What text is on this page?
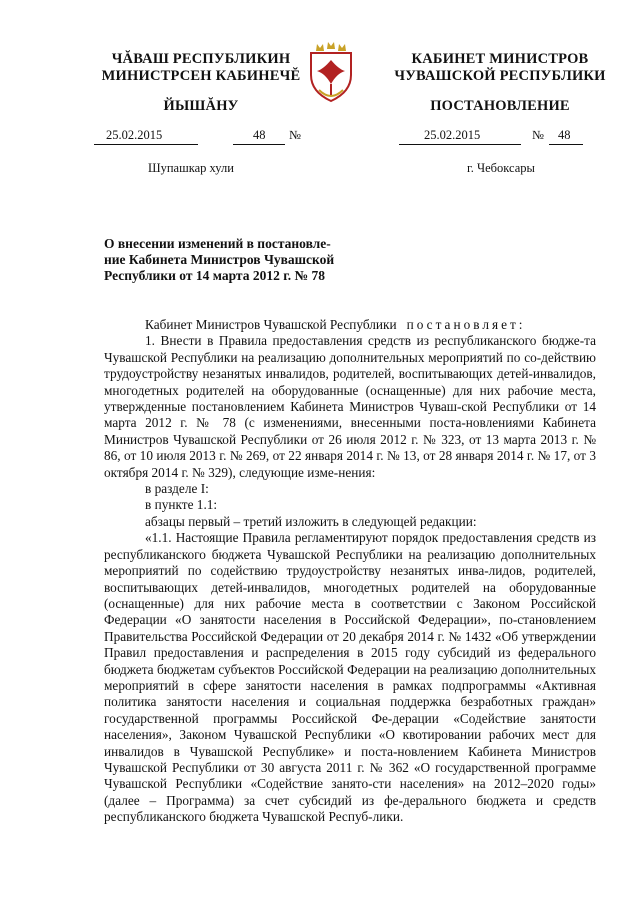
ЧĂВАШ РЕСПУБЛИКИН
МИНИСТРСЕН КАБИНЕЧĔ
ЙЫШĂНУ
25.02.2015	48 №
Шупашкар хули
КАБИНЕТ МИНИСТРОВ
ЧУВАШСКОЙ РЕСПУБЛИКИ
ПОСТАНОВЛЕНИЕ
25.02.2015	№ 48
г. Чебоксары
О внесении изменений в постановле-
ние Кабинета Министров Чувашской
Республики от 14 марта 2012 г. № 78

Кабинет Министров Чувашской Республики постановляет:

1. Внести в Правила предоставления средств из республиканского бюдже-та Чувашской Республики на реализацию дополнительных мероприятий по со-действию трудоустройству незанятых инвалидов, родителей, воспитывающих детей-инвалидов, многодетных родителей на оборудованные (оснащенные) для них рабочие места, утвержденные постановлением Кабинета Министров Чуваш-ской Республики от 14 марта 2012 г. № 78 (с изменениями, внесенными поста-новлениями Кабинета Министров Чувашской Республики от 26 июля 2012 г. № 323, от 13 марта 2013 г. № 86, от 10 июля 2013 г. № 269, от 22 января 2014 г. № 13, от 28 января 2014 г. № 17, от 3 октября 2014 г. № 329), следующие изме-нения:

в разделе I:

в пункте 1.1:

абзацы первый – третий изложить в следующей редакции:

«1.1. Настоящие Правила регламентируют порядок предоставления средств из республиканского бюджета Чувашской Республики на реализацию дополнительных мероприятий по содействию трудоустройству незанятых инва-лидов, родителей, воспитывающих детей-инвалидов, многодетных родителей на оборудованные (оснащенные) для них рабочие места в соответствии с Законом Российской Федерации «О занятости населения в Российской Федерации», по-становлением Правительства Российской Федерации от 20 декабря 2014 г. № 1432 «Об утверждении Правил предоставления и распределения в 2015 году субсидий из федерального бюджета бюджетам субъектов Российской Федерации на реализацию дополнительных мероприятий в сфере занятости населения в рамках подпрограммы «Активная политика занятости населения и социальная поддержка безработных граждан» государственной программы Российской Фе-дерации «Содействие занятости населения», Законом Чувашской Республики «О квотировании рабочих мест для инвалидов в Чувашской Республике» и поста-новлением Кабинета Министров Чувашской Республики от 30 августа 2011 г. № 362 «О государственной программе Чувашской Республики «Содействие занято-сти населения» на 2012–2020 годы» (далее – Программа) за счет субсидий из фе-дерального бюджета и средств республиканского бюджета Чувашской Респуб-лики.
